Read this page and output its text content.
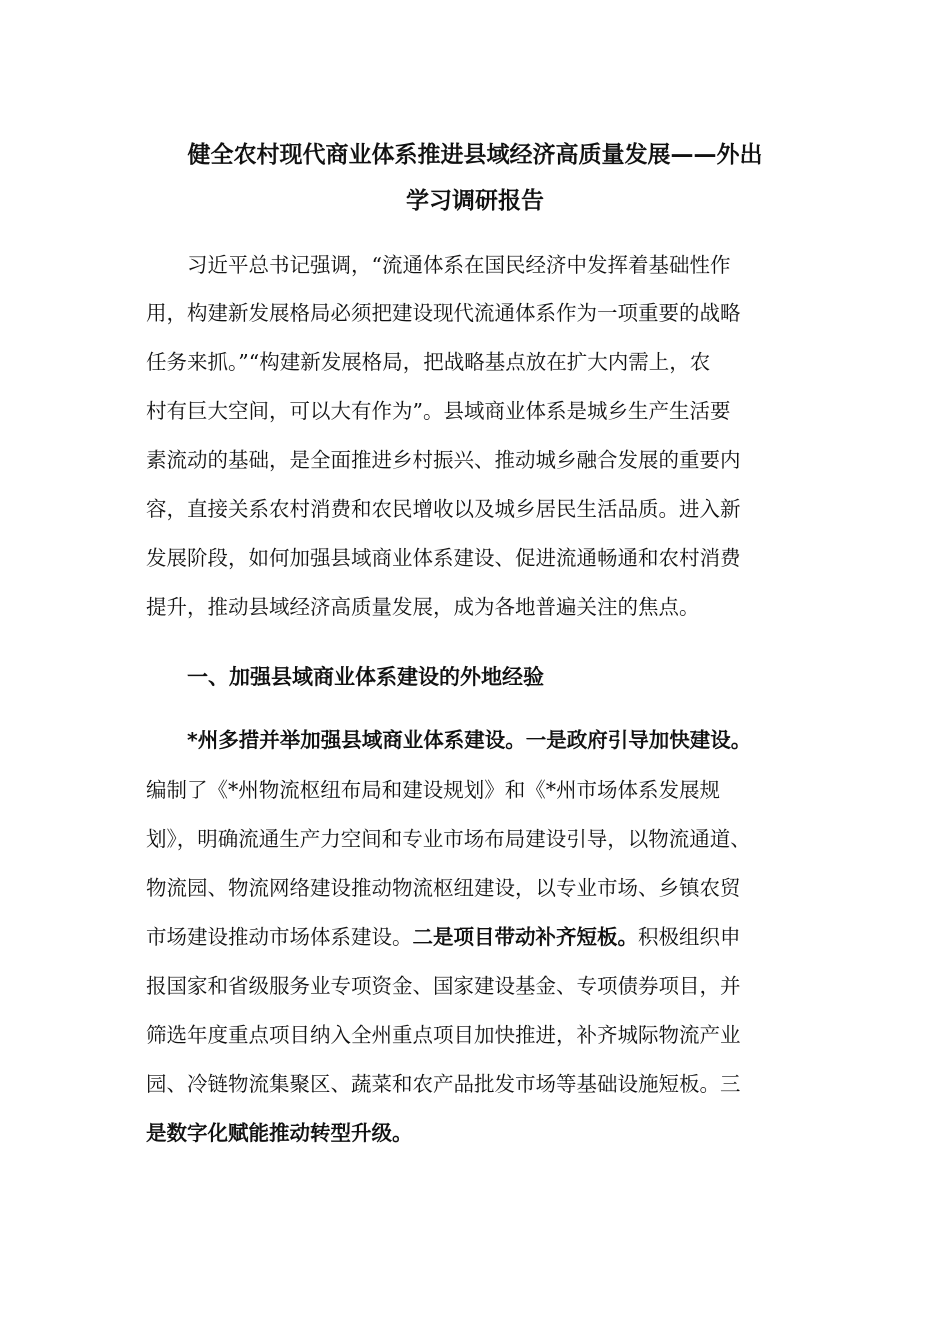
健全农村现代商业体系推进县域经济高质量发展——外出
学习调研报告

习近平总书记强调，“流通体系在国民经济中发挥着基础性作

用，构建新发展格局必须把建设现代流通体系作为一项重要的战略

任务来抓。”“构建新发展格局，把战略基点放在扩大内需上，农

村有巨大空间，可以大有作为”。县域商业体系是城乡生产生活要

素流动的基础，是全面推进乡村振兴、推动城乡融合发展的重要内

容，直接关系农村消费和农民增收以及城乡居民生活品质。进入新

发展阶段，如何加强县域商业体系建设、促进流通畅通和农村消费

提升，推动县域经济高质量发展，成为各地普遍关注的焦点。

一、加强县域商业体系建设的外地经验

*州多措并举加强县域商业体系建设。一是政府引导加快建设。

编制了《*州物流枢纽布局和建设规划》和《*州市场体系发展规

划》，明确流通生产力空间和专业市场布局建设引导，以物流通道、

物流园、物流网络建设推动物流枢纽建设，以专业市场、乡镇农贸

市场建设推动市场体系建设。二是项目带动补齐短板。积极组织申

报国家和省级服务业专项资金、国家建设基金、专项债券项目，并

筛选年度重点项目纳入全州重点项目加快推进，补齐城际物流产业

园、冷链物流集聚区、蔬菜和农产品批发市场等基础设施短板。三

是数字化赋能推动转型升级。
